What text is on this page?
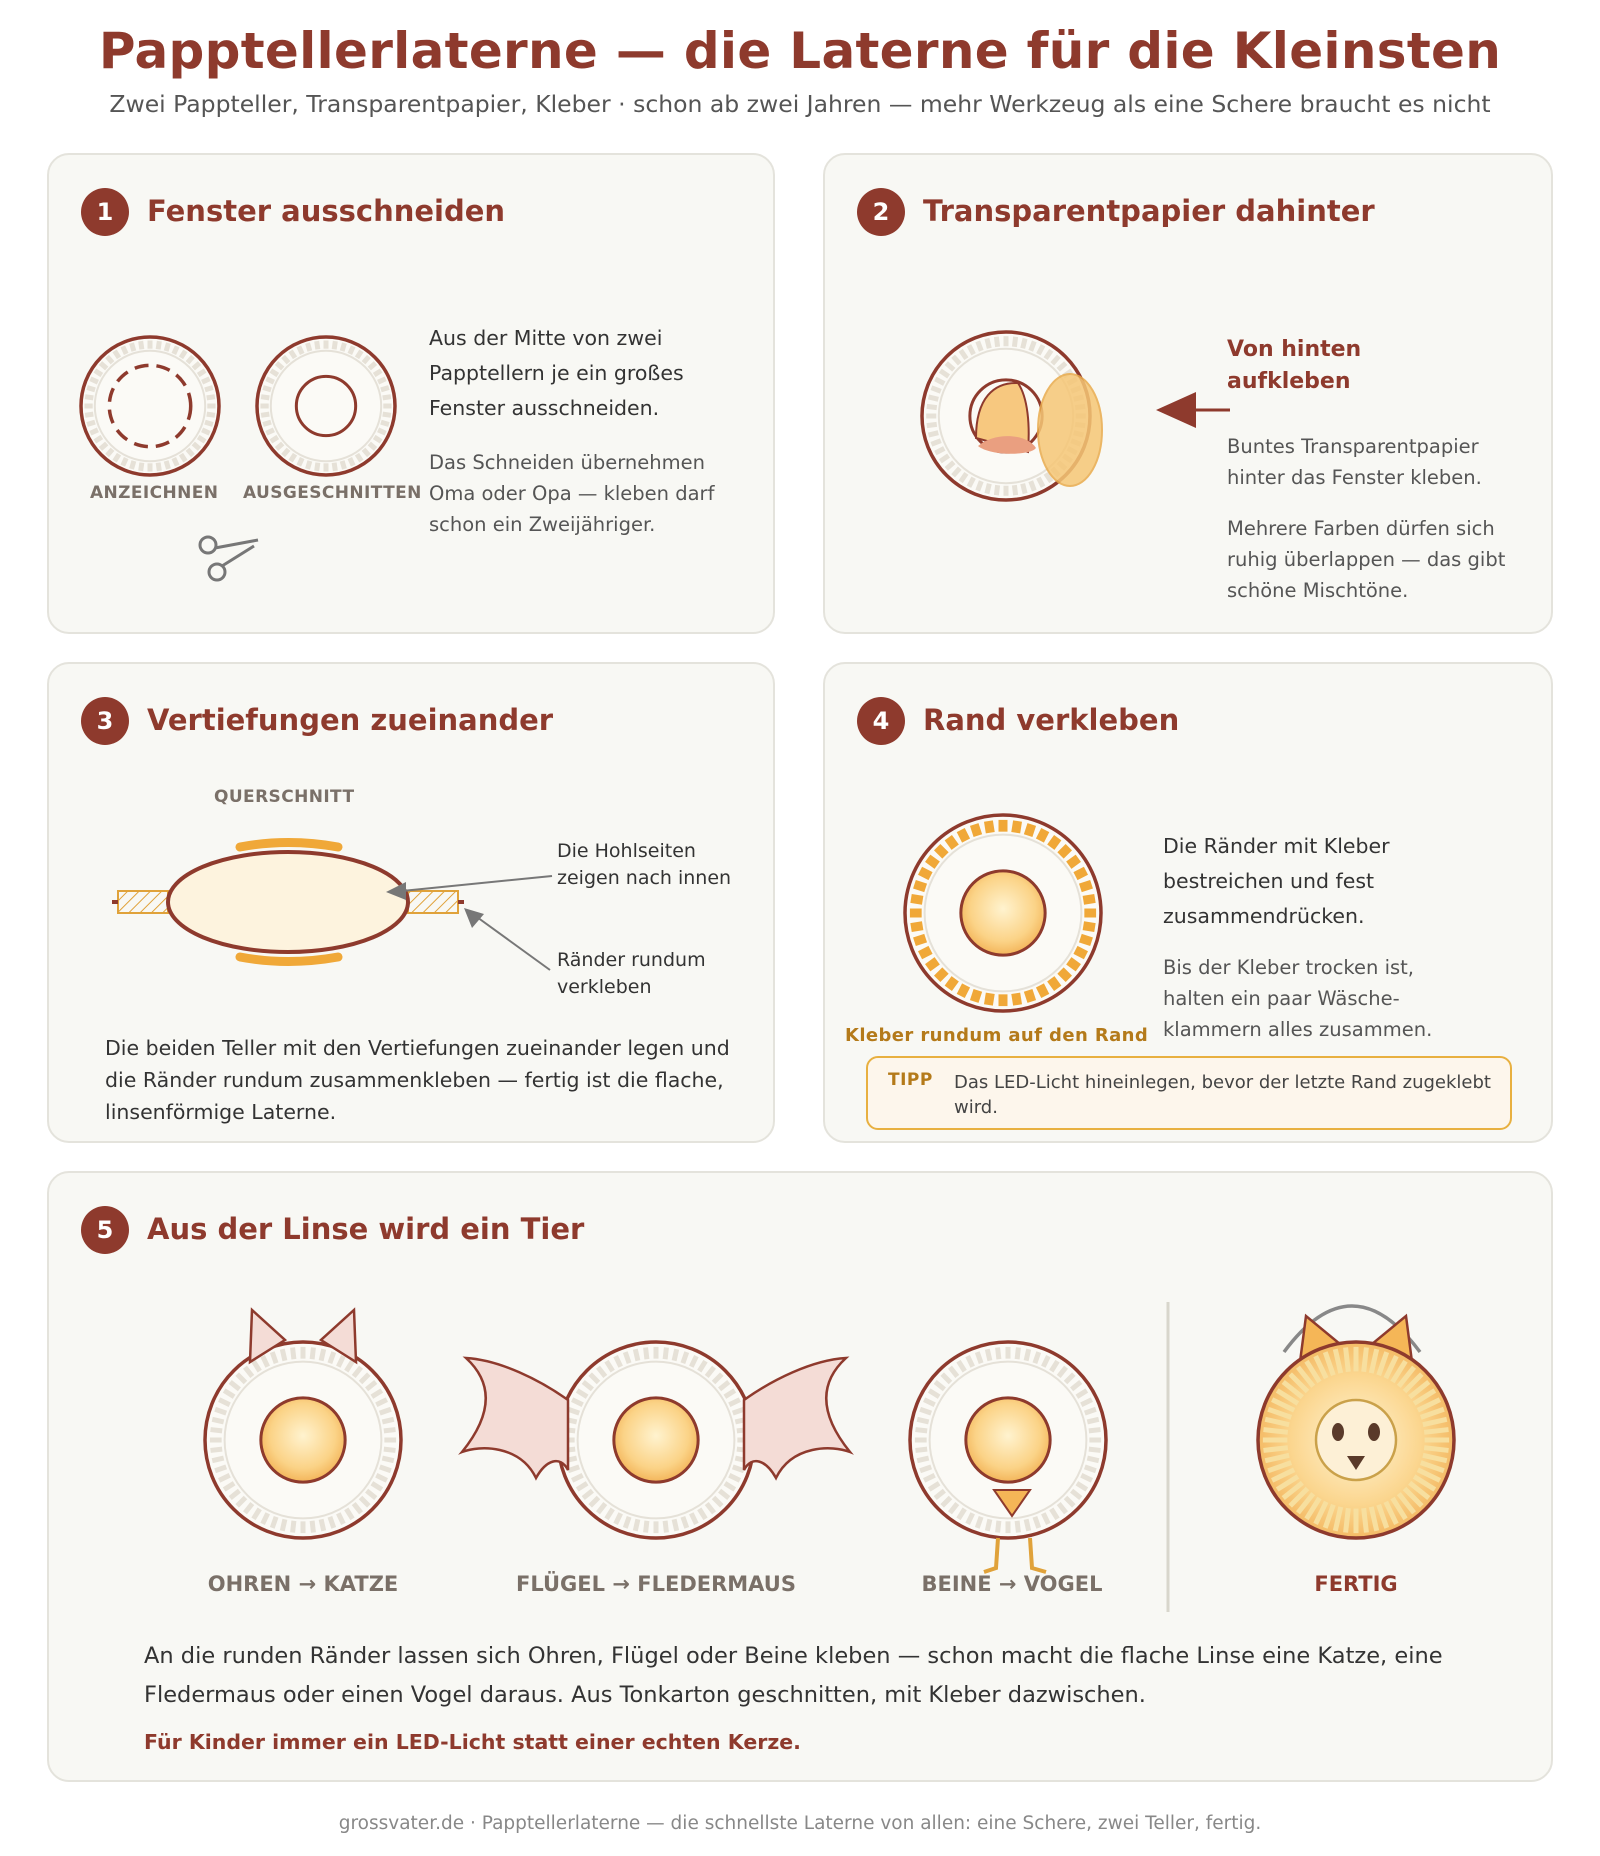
Papptellerlaterne — die Laterne für die Kleinsten
Zwei Pappteller, Transparentpapier, Kleber · schon ab zwei Jahren — mehr Werkzeug als eine Schere braucht es nicht
1	Fenster ausschneiden
ANZEICHNEN AUSGESCHNITTEN
Aus der Mitte von zwei Papptellern je ein großes Fenster ausschneiden.
Das Schneiden übernehmen Oma oder Opa — kleben darf schon ein Zweijähriger.
2	Transparentpapier dahinter
Von hinten aufkleben
Buntes Transparentpapier hinter das Fenster kleben.
Mehrere Farben dürfen sich ruhig überlappen — das gibt schöne Mischtöne.
3	Vertiefungen zueinander
QUERSCHNITT
Die Hohlseiten zeigen nach innen
Ränder rundum verkleben
Die beiden Teller mit den Vertiefungen zueinander legen und die Ränder rundum zusammenkleben — fertig ist die flache, linsenförmige Laterne.
4	Rand verkleben
Kleber rundum auf den Rand
Die Ränder mit Kleber bestreichen und fest zusammendrücken.
Bis der Kleber trocken ist, halten ein paar Wäsche-klammern alles zusammen.
TIPP Das LED-Licht hineinlegen, bevor der letzte Rand zugeklebt wird.
5	Aus der Linse wird ein Tier
OHREN → KATZE	FLÜGEL → FLEDERMAUS	BEINE → VOGEL	FERTIG
An die runden Ränder lassen sich Ohren, Flügel oder Beine kleben — schon macht die flache Linse eine Katze, eine Fledermaus oder einen Vogel daraus. Aus Tonkarton geschnitten, mit Kleber dazwischen.
Für Kinder immer ein LED-Licht statt einer echten Kerze.
grossvater.de · Papptellerlaterne — die schnellste Laterne von allen: eine Schere, zwei Teller, fertig.
